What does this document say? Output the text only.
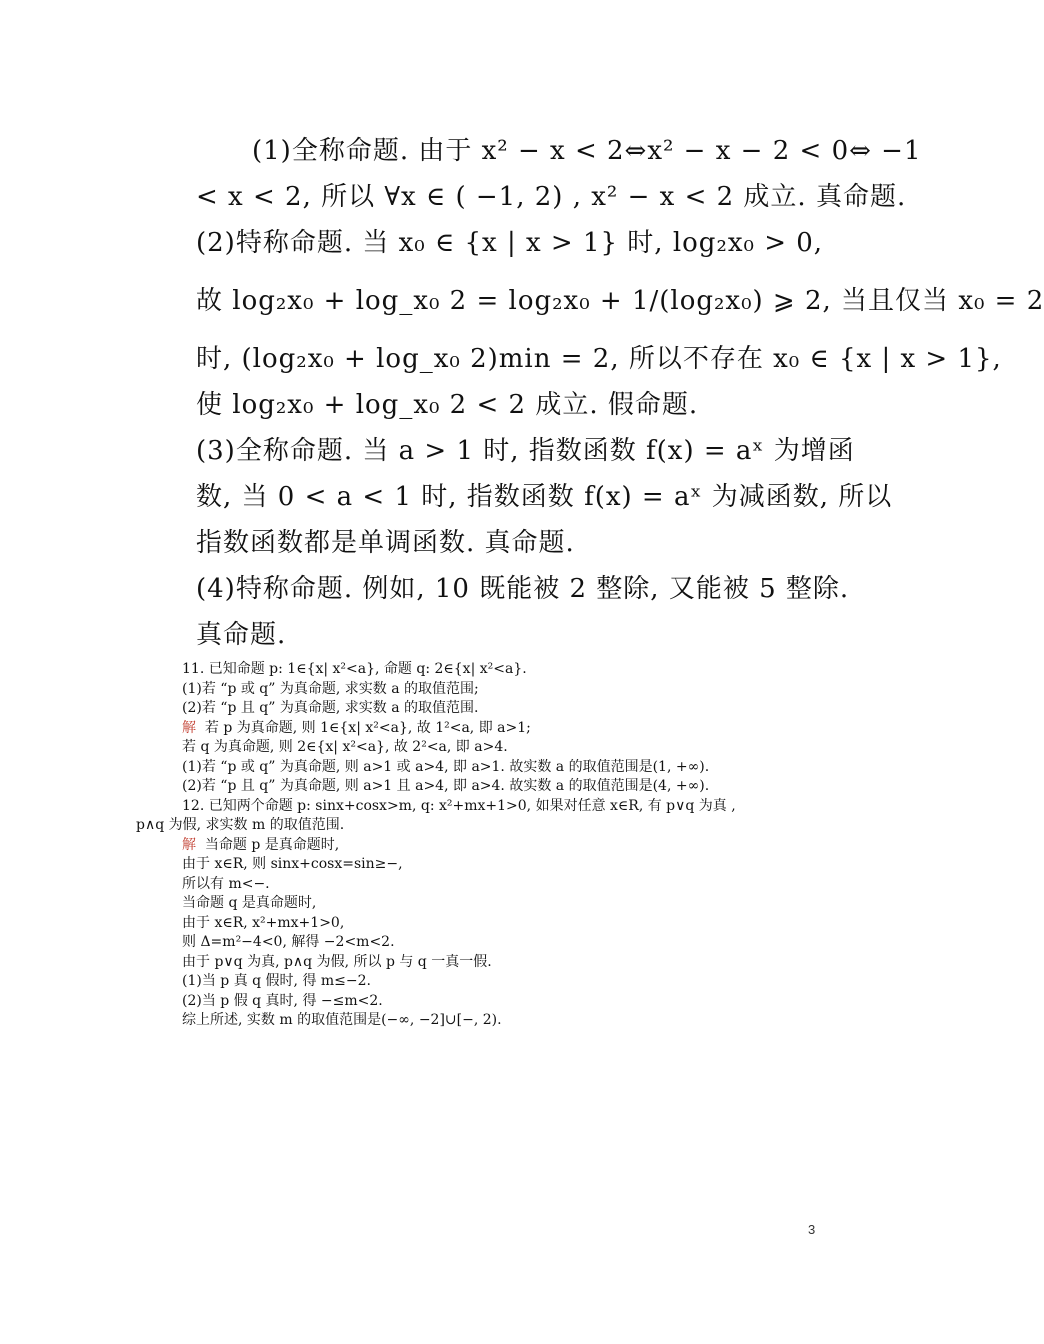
(1)全称命题. 由于 x² − x < 2⇔x² − x − 2 < 0⇔ −1
< x < 2, 所以 ∀x ∈ ( −1, 2) , x² − x < 2 成立. 真命题.
(2)特称命题. 当 x₀ ∈ {x | x > 1} 时, log₂x₀ > 0,
故 log₂x₀ + log_x₀ 2 = log₂x₀ + 1/(log₂x₀) ⩾ 2, 当且仅当 x₀ = 2
时, (log₂x₀ + log_x₀ 2)min = 2, 所以不存在 x₀ ∈ {x | x > 1},
使 log₂x₀ + log_x₀ 2 < 2 成立. 假命题.
(3)全称命题. 当 a > 1 时, 指数函数 f(x) = aˣ 为增函
数, 当 0 < a < 1 时, 指数函数 f(x) = aˣ 为减函数, 所以
指数函数都是单调函数. 真命题.
(4)特称命题. 例如, 10 既能被 2 整除, 又能被 5 整除.
真命题.
11. 已知命题 p: 1∈{x| x²<a}, 命题 q: 2∈{x| x²<a}.
(1)若 “p 或 q” 为真命题, 求实数 a 的取值范围;
(2)若 “p 且 q” 为真命题, 求实数 a 的取值范围.
解 若 p 为真命题, 则 1∈{x| x²<a}, 故 1²<a, 即 a>1;
若 q 为真命题, 则 2∈{x| x²<a}, 故 2²<a, 即 a>4.
(1)若 “p 或 q” 为真命题, 则 a>1 或 a>4, 即 a>1. 故实数 a 的取值范围是(1, +∞).
(2)若 “p 且 q” 为真命题, 则 a>1 且 a>4, 即 a>4. 故实数 a 的取值范围是(4, +∞).
12. 已知两个命题 p: sinx+cosx>m, q: x²+mx+1>0, 如果对任意 x∈R, 有 p∨q 为真 ,
p∧q 为假, 求实数 m 的取值范围.
解 当命题 p 是真命题时,
由于 x∈R, 则 sinx+cosx=sin≥−,
所以有 m<−.
当命题 q 是真命题时,
由于 x∈R, x²+mx+1>0,
则 Δ=m²−4<0, 解得 −2<m<2.
由于 p∨q 为真, p∧q 为假, 所以 p 与 q 一真一假.
(1)当 p 真 q 假时, 得 m≤−2.
(2)当 p 假 q 真时, 得 −≤m<2.
综上所述, 实数 m 的取值范围是(−∞, −2]∪[−, 2).
3
